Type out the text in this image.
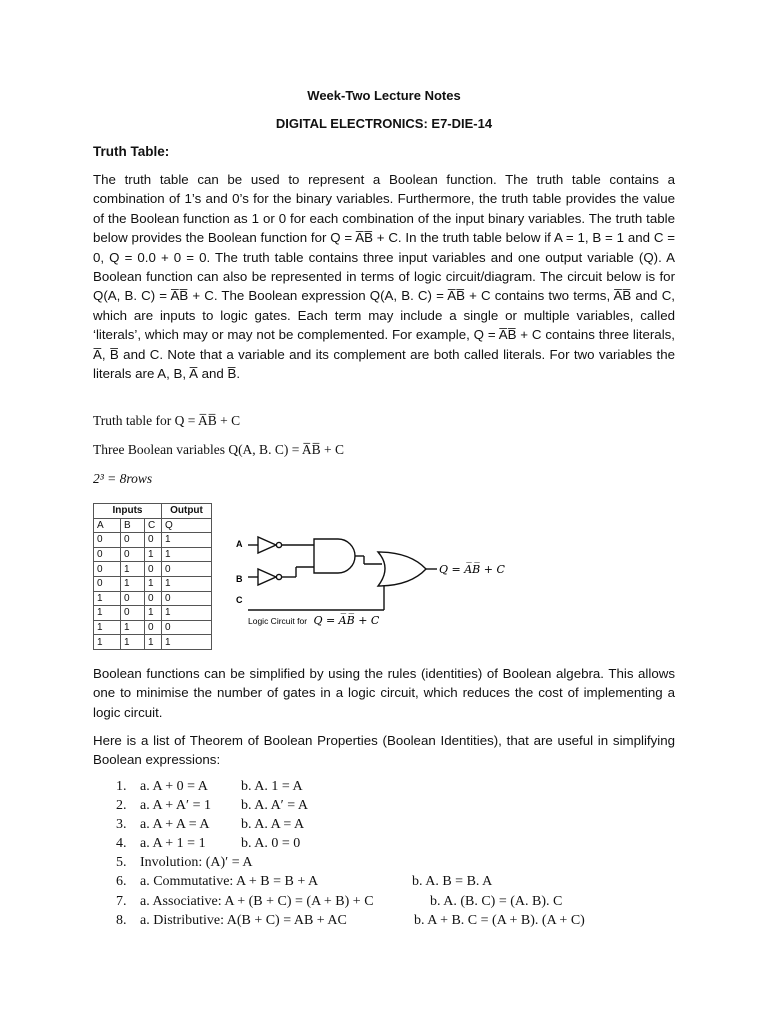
Week-Two Lecture Notes
DIGITAL ELECTRONICS: E7-DIE-14
Truth Table:

The truth table can be used to represent a Boolean function. The truth table contains a combination of 1’s and 0’s for the binary variables. Furthermore, the truth table provides the value of the Boolean function as 1 or 0 for each combination of the input binary variables. The truth table below provides the Boolean function for Q = A̅B̅ + C. In the truth table below if A = 1, B = 1 and C = 0, Q = 0.0 + 0 = 0. The truth table contains three input variables and one output variable (Q). A Boolean function can also be represented in terms of logic circuit/diagram. The circuit below is for Q(A, B. C) = A̅B̅ + C. The Boolean expression Q(A, B. C) = A̅B̅ + C contains two terms, A̅B̅ and C, which are inputs to logic gates. Each term may include a single or multiple variables, called ‘literals’, which may or may not be complemented. For example, Q = A̅B̅ + C contains three literals, A̅, B̅ and C. Note that a variable and its complement are both called literals. For two variables the literals are A, B, A̅ and B̅.

Truth table for Q = A̅B̅ + C
Three Boolean variables Q(A, B. C) = A̅B̅ + C
2³ = 8rows
Inputs			Output
A	B	C	Q
0	0	0	1
0	0	1	1
0	1	0	0
0	1	1	1
1	0	0	0
1	0	1	1
1	1	0	0
1	1	1	1
A
B
C
Q = A̅B̅ + C
Logic Circuit for Q = A̅B̅ + C

Boolean functions can be simplified by using the rules (identities) of Boolean algebra. This allows one to minimise the number of gates in a logic circuit, which reduces the cost of implementing a logic circuit.

Here is a list of Theorem of Boolean Properties (Boolean Identities), that are useful in simplifying Boolean expressions:

1. a. A + 0 = A b. A. 1 = A
2. a. A + A′ = 1 b. A. A′ = A
3. a. A + A = A b. A. A = A
4. a. A + 1 = 1	b. A. 0 = 0
5. Involution: (A)′ = A
6. a. Commutative: A + B = B + A	b. A. B = B. A
7. a. Associative: A + (B + C) = (A + B) + C	b. A. (B. C) = (A. B). C
8. a. Distributive: A(B + C) = AB + AC	b. A + B. C = (A + B). (A + C)
